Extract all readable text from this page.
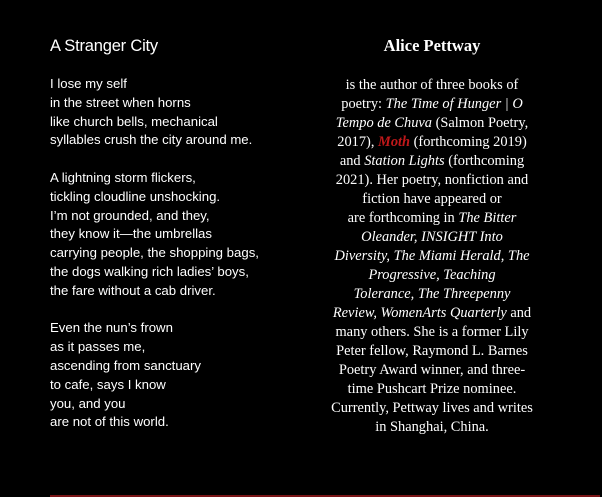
A Stranger City
I lose my self
in the street when horns
like church bells, mechanical
syllables crush the city around me.
A lightning storm flickers,
tickling cloudline unshocking.
I’m not grounded, and they,
they know it—the umbrellas
carrying people, the shopping bags,
the dogs walking rich ladies’ boys,
the fare without a cab driver.
Even the nun’s frown
as it passes me,
ascending from sanctuary
to cafe, says I know
you, and you
are not of this world.
Alice Pettway
is the author of three books of
poetry: The Time of Hunger | O
Tempo de Chuva (Salmon Poetry,
2017), Moth (forthcoming 2019)
and Station Lights (forthcoming
2021). Her poetry, nonfiction and
fiction have appeared or
are forthcoming in The Bitter
Oleander, INSIGHT Into
Diversity, The Miami Herald, The
Progressive, Teaching
Tolerance, The Threepenny
Review, WomenArts Quarterly and
many others. She is a former Lily
Peter fellow, Raymond L. Barnes
Poetry Award winner, and three-
time Pushcart Prize nominee.
Currently, Pettway lives and writes
in Shanghai, China.
